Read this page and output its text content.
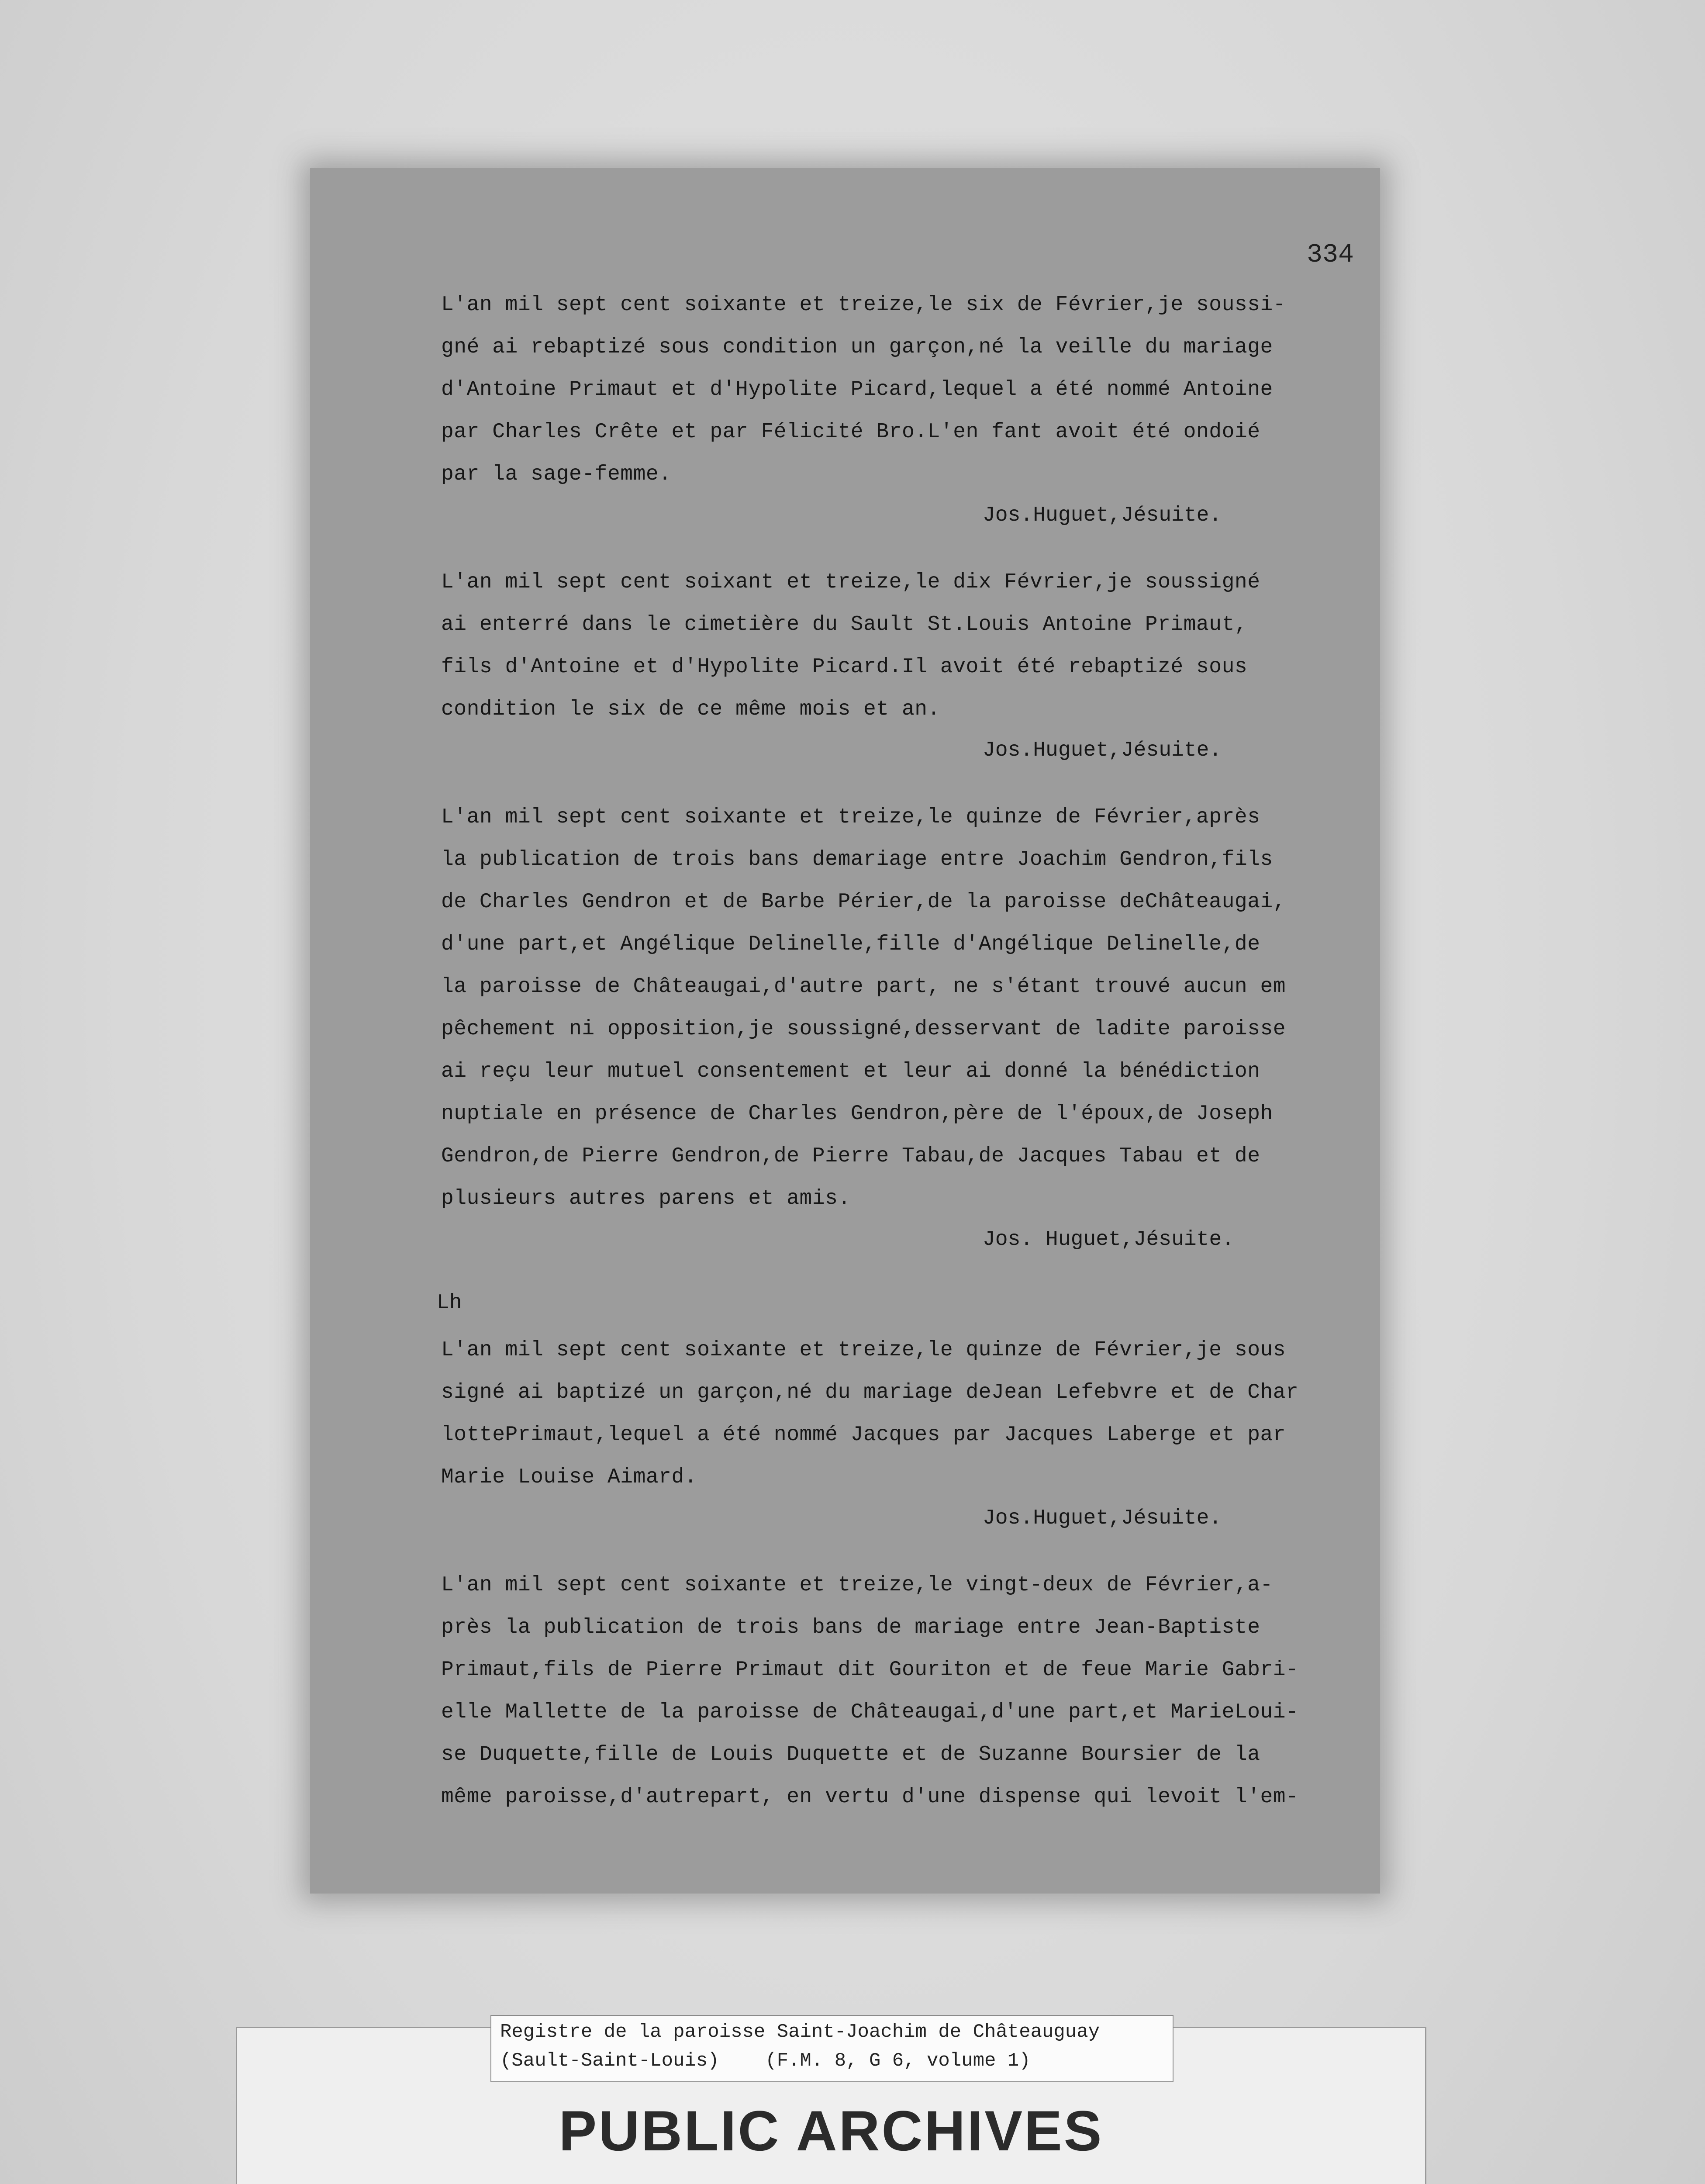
334
L'an mil sept cent soixante et treize,le six de Février,je soussi-
gné ai rebaptizé sous condition un garçon,né la veille du mariage
d'Antoine Primaut et d'Hypolite Picard,lequel a été nommé Antoine
par Charles Crête et par Félicité Bro.L'en fant avoit été ondoié
par la sage-femme.
Jos.Huguet,Jésuite.
L'an mil sept cent soixant et treize,le dix Février,je soussigné
ai enterré dans le cimetière du Sault St.Louis Antoine Primaut,
fils d'Antoine et d'Hypolite Picard.Il avoit été rebaptizé sous
condition le six de ce même mois et an.
Jos.Huguet,Jésuite.
L'an mil sept cent soixante et treize,le quinze de Février,après
la publication de trois bans demariage entre Joachim Gendron,fils
de Charles Gendron et de Barbe Périer,de la paroisse deChâteaugai,
d'une part,et Angélique Delinelle,fille d'Angélique Delinelle,de
la paroisse de Châteaugai,d'autre part, ne s'étant trouvé aucun em
pêchement ni opposition,je soussigné,desservant de ladite paroisse
ai reçu leur mutuel consentement et leur ai donné la bénédiction
nuptiale en présence de Charles Gendron,père de l'époux,de Joseph
Gendron,de Pierre Gendron,de Pierre Tabau,de Jacques Tabau et de
plusieurs autres parens et amis.
Jos. Huguet,Jésuite.
Lh
L'an mil sept cent soixante et treize,le quinze de Février,je sous
signé ai baptizé un garçon,né du mariage deJean Lefebvre et de Char
lottePrimaut,lequel a été nommé Jacques par Jacques Laberge et par
Marie Louise Aimard.
Jos.Huguet,Jésuite.
L'an mil sept cent soixante et treize,le vingt-deux de Février,a-
près la publication de trois bans de mariage entre Jean-Baptiste
Primaut,fils de Pierre Primaut dit Gouriton et de feue Marie Gabri-
elle Mallette de la paroisse de Châteaugai,d'une part,et MarieLoui-
se Duquette,fille de Louis Duquette et de Suzanne Boursier de la
même paroisse,d'autrepart, en vertu d'une dispense qui levoit l'em-
Registre de la paroisse Saint-Joachim de Châteauguay
(Sault-Saint-Louis)    (F.M. 8, G 6, volume 1)
PUBLIC ARCHIVES
